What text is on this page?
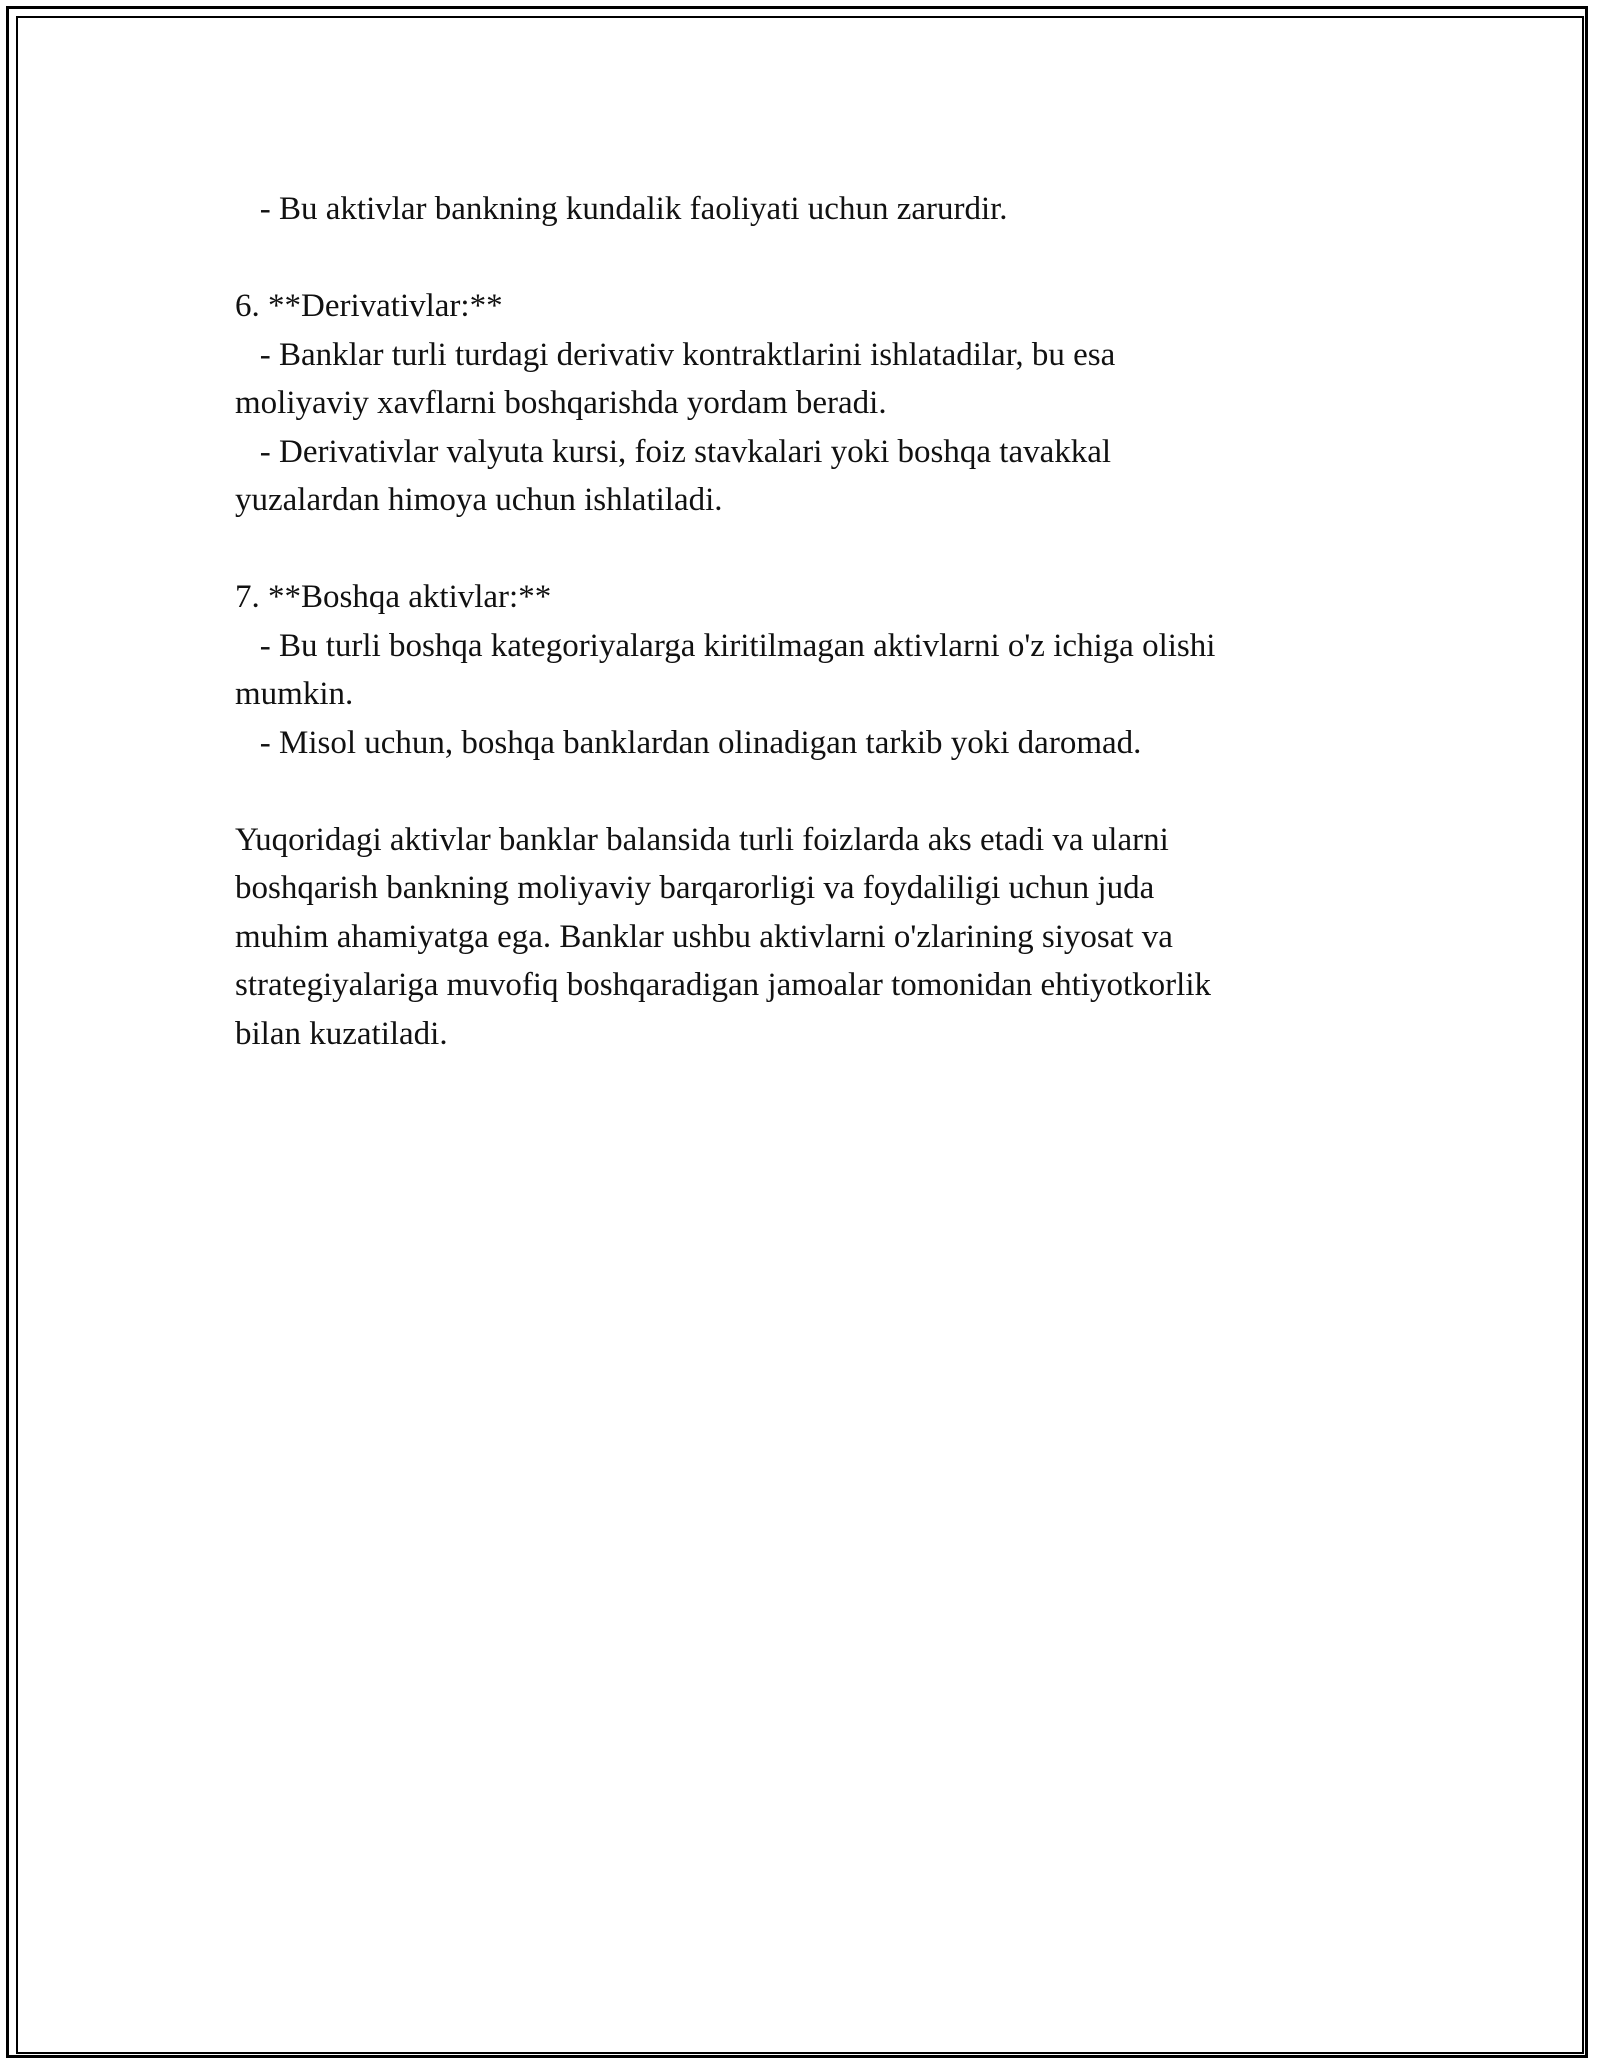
- Bu aktivlar bankning kundalik faoliyati uchun zarurdir.

6. **Derivativlar:**

- Banklar turli turdagi derivativ kontraktlarini ishlatadilar, bu esa

moliyaviy xavflarni boshqarishda yordam beradi.

- Derivativlar valyuta kursi, foiz stavkalari yoki boshqa tavakkal

yuzalardan himoya uchun ishlatiladi.

7. **Boshqa aktivlar:**

- Bu turli boshqa kategoriyalarga kiritilmagan aktivlarni o'z ichiga olishi

mumkin.

- Misol uchun, boshqa banklardan olinadigan tarkib yoki daromad.

Yuqoridagi aktivlar banklar balansida turli foizlarda aks etadi va ularni

boshqarish bankning moliyaviy barqarorligi va foydaliligi uchun juda

muhim ahamiyatga ega. Banklar ushbu aktivlarni o'zlarining siyosat va

strategiyalariga muvofiq boshqaradigan jamoalar tomonidan ehtiyotkorlik

bilan kuzatiladi.
